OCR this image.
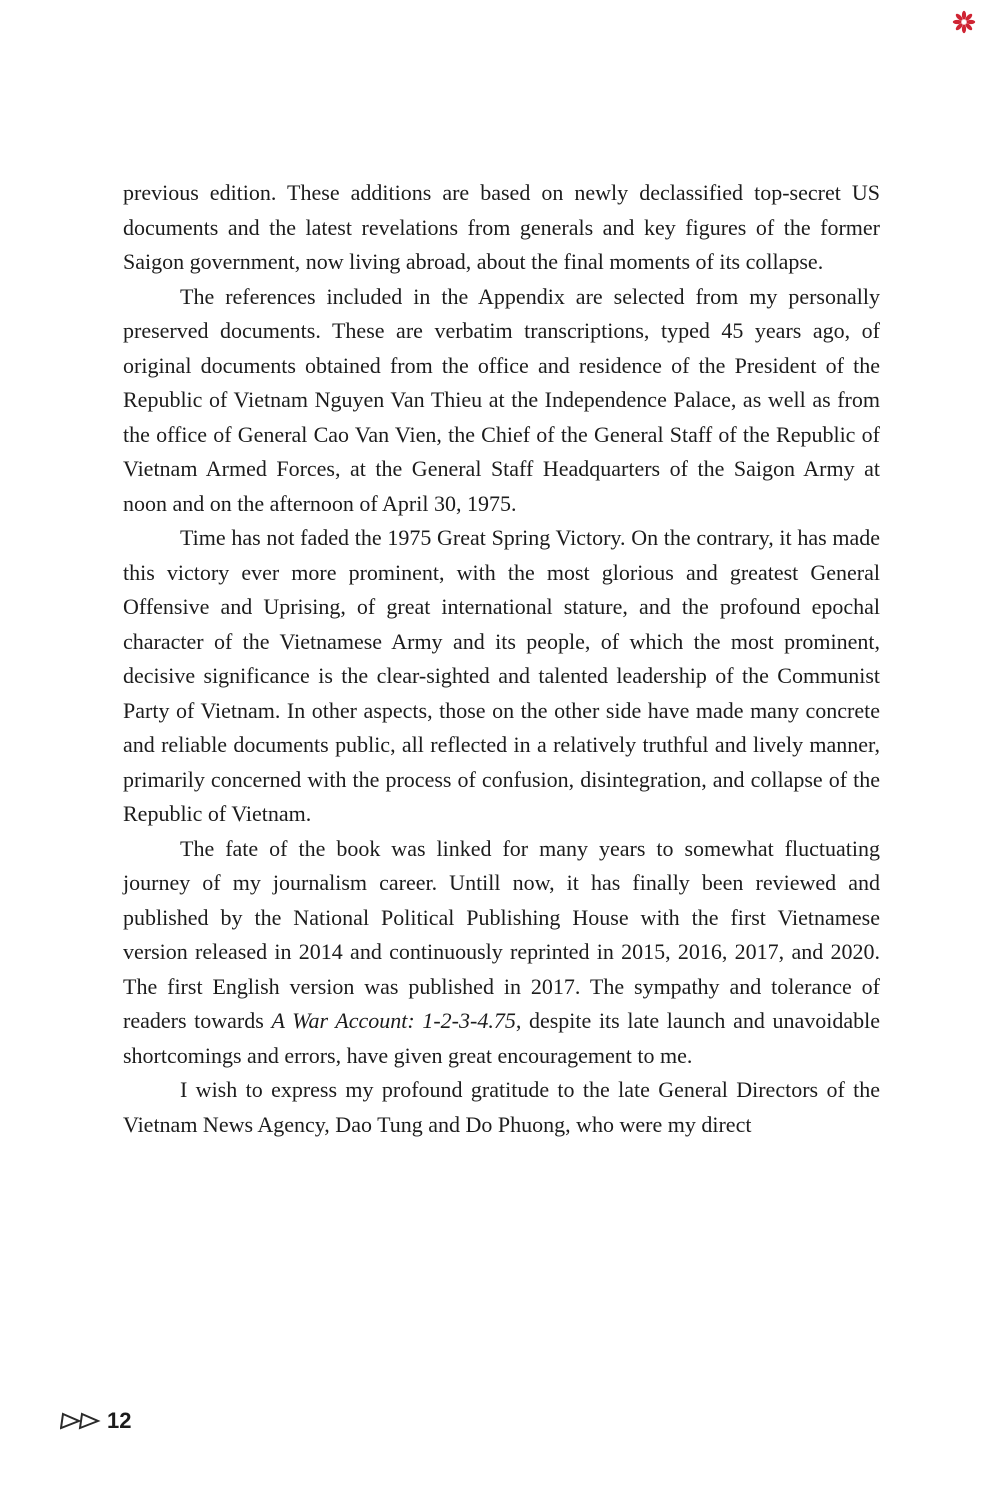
previous edition. These additions are based on newly declassified top-secret US documents and the latest revelations from generals and key figures of the former Saigon government, now living abroad, about the final moments of its collapse.

The references included in the Appendix are selected from my personally preserved documents. These are verbatim transcriptions, typed 45 years ago, of original documents obtained from the office and residence of the President of the Republic of Vietnam Nguyen Van Thieu at the Independence Palace, as well as from the office of General Cao Van Vien, the Chief of the General Staff of the Republic of Vietnam Armed Forces, at the General Staff Headquarters of the Saigon Army at noon and on the afternoon of April 30, 1975.

Time has not faded the 1975 Great Spring Victory. On the contrary, it has made this victory ever more prominent, with the most glorious and greatest General Offensive and Uprising, of great international stature, and the profound epochal character of the Vietnamese Army and its people, of which the most prominent, decisive significance is the clear-sighted and talented leadership of the Communist Party of Vietnam. In other aspects, those on the other side have made many concrete and reliable documents public, all reflected in a relatively truthful and lively manner, primarily concerned with the process of confusion, disintegration, and collapse of the Republic of Vietnam.

The fate of the book was linked for many years to somewhat fluctuating journey of my journalism career. Untill now, it has finally been reviewed and published by the National Political Publishing House with the first Vietnamese version released in 2014 and continuously reprinted in 2015, 2016, 2017, and 2020. The first English version was published in 2017. The sympathy and tolerance of readers towards A War Account: 1-2-3-4.75, despite its late launch and unavoidable shortcomings and errors, have given great encouragement to me.

I wish to express my profound gratitude to the late General Directors of the Vietnam News Agency, Dao Tung and Do Phuong, who were my direct

12
